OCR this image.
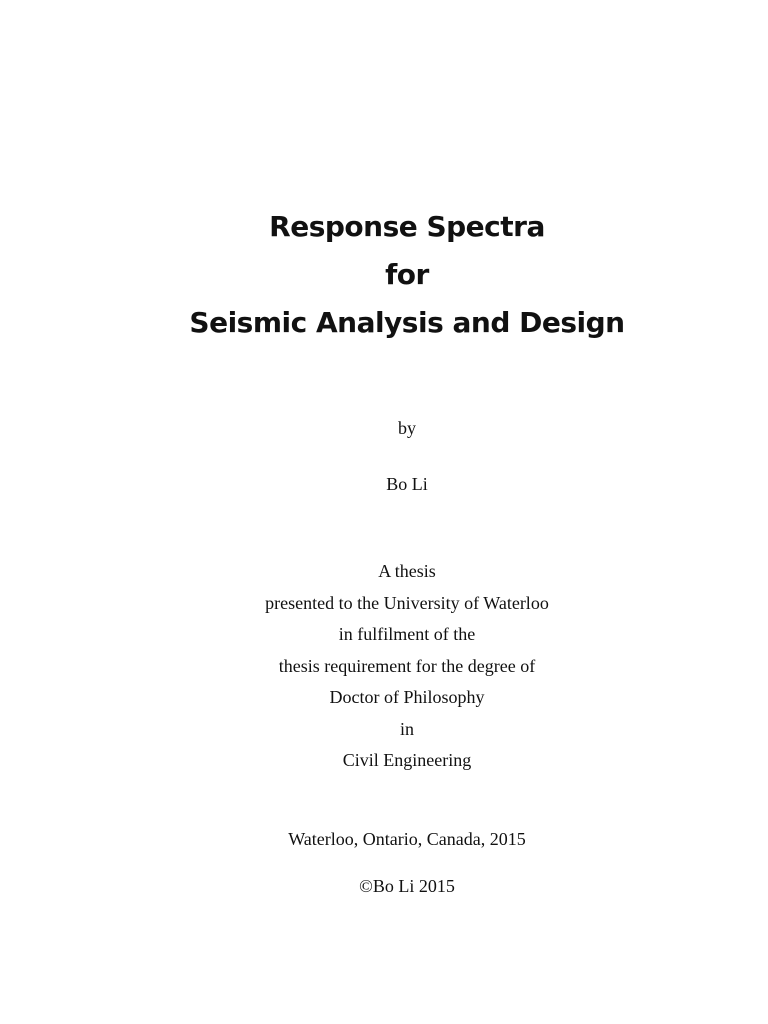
Response Spectra
for
Seismic Analysis and Design
by
Bo Li
A thesis
presented to the University of Waterloo
in fulfilment of the
thesis requirement for the degree of
Doctor of Philosophy
in
Civil Engineering
Waterloo, Ontario, Canada, 2015
©Bo Li 2015
